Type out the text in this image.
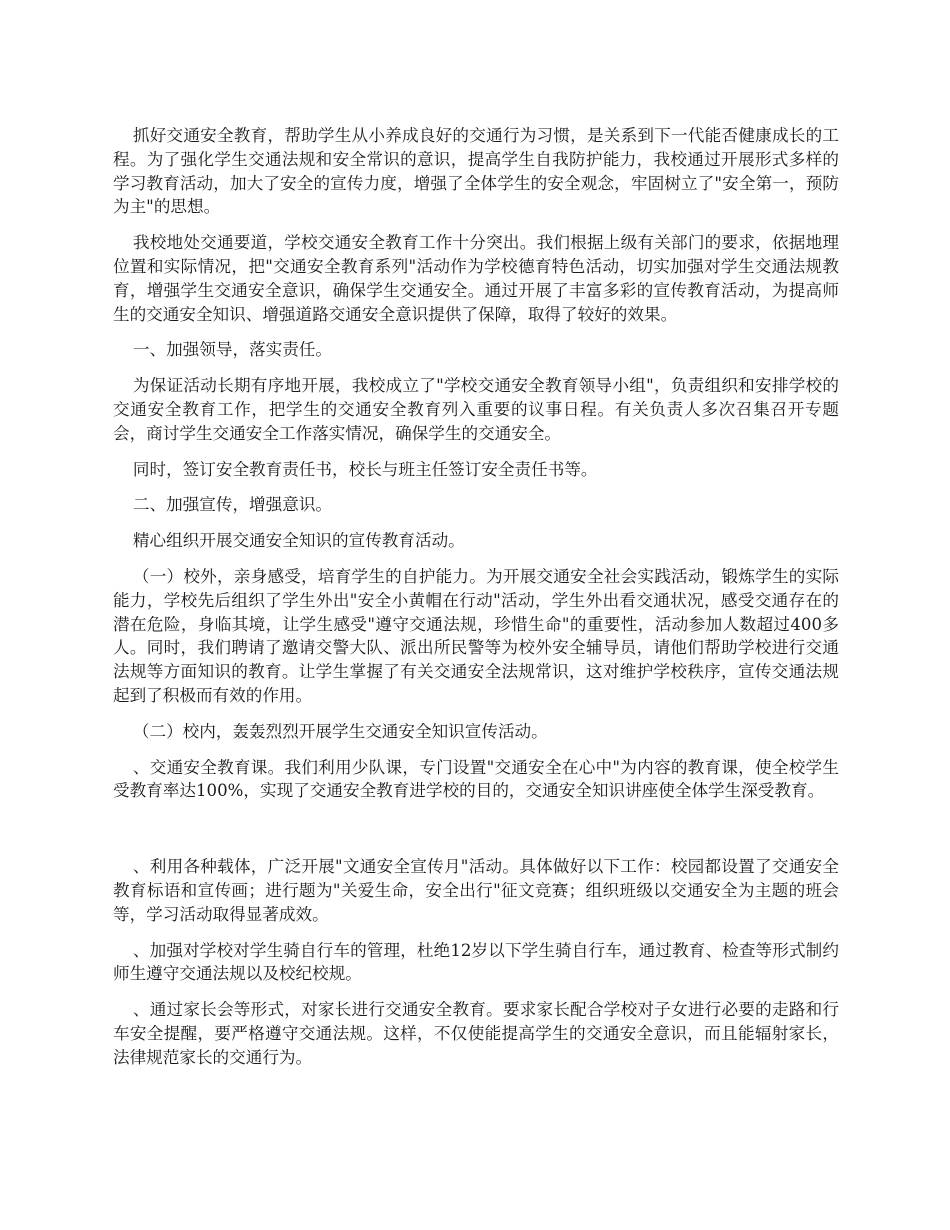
抓好交通安全教育，帮助学生从小养成良好的交通行为习惯，是关系到下一代能否健康成长的工程。为了强化学生交通法规和安全常识的意识，提高学生自我防护能力，我校通过开展形式多样的学习教育活动，加大了安全的宣传力度，增强了全体学生的安全观念，牢固树立了"安全第一，预防为主"的思想。

我校地处交通要道，学校交通安全教育工作十分突出。我们根据上级有关部门的要求，依据地理位置和实际情况，把"交通安全教育系列"活动作为学校德育特色活动，切实加强对学生交通法规教育，增强学生交通安全意识，确保学生交通安全。通过开展了丰富多彩的宣传教育活动，为提高师生的交通安全知识、增强道路交通安全意识提供了保障，取得了较好的效果。

一、加强领导，落实责任。

为保证活动长期有序地开展，我校成立了"学校交通安全教育领导小组"，负责组织和安排学校的交通安全教育工作，把学生的交通安全教育列入重要的议事日程。有关负责人多次召集召开专题会，商讨学生交通安全工作落实情况，确保学生的交通安全。

同时，签订安全教育责任书，校长与班主任签订安全责任书等。

二、加强宣传，增强意识。

精心组织开展交通安全知识的宣传教育活动。

（一）校外，亲身感受，培育学生的自护能力。为开展交通安全社会实践活动，锻炼学生的实际能力，学校先后组织了学生外出"安全小黄帽在行动"活动，学生外出看交通状况，感受交通存在的潜在危险，身临其境，让学生感受"遵守交通法规，珍惜生命"的重要性，活动参加人数超过400多人。同时，我们聘请了邀请交警大队、派出所民警等为校外安全辅导员，请他们帮助学校进行交通法规等方面知识的教育。让学生掌握了有关交通安全法规常识，这对维护学校秩序，宣传交通法规起到了积极而有效的作用。

（二）校内，轰轰烈烈开展学生交通安全知识宣传活动。

、交通安全教育课。我们利用少队课，专门设置"交通安全在心中"为内容的教育课，使全校学生受教育率达100%，实现了交通安全教育进学校的目的，交通安全知识讲座使全体学生深受教育。

、利用各种载体，广泛开展"文通安全宣传月"活动。具体做好以下工作：校园都设置了交通安全教育标语和宣传画；进行题为"关爱生命，安全出行"征文竞赛；组织班级以交通安全为主题的班会等，学习活动取得显著成效。

、加强对学校对学生骑自行车的管理，杜绝12岁以下学生骑自行车，通过教育、检查等形式制约师生遵守交通法规以及校纪校规。

、通过家长会等形式，对家长进行交通安全教育。要求家长配合学校对子女进行必要的走路和行车安全提醒，要严格遵守交通法规。这样，不仅使能提高学生的交通安全意识，而且能辐射家长，法律规范家长的交通行为。
